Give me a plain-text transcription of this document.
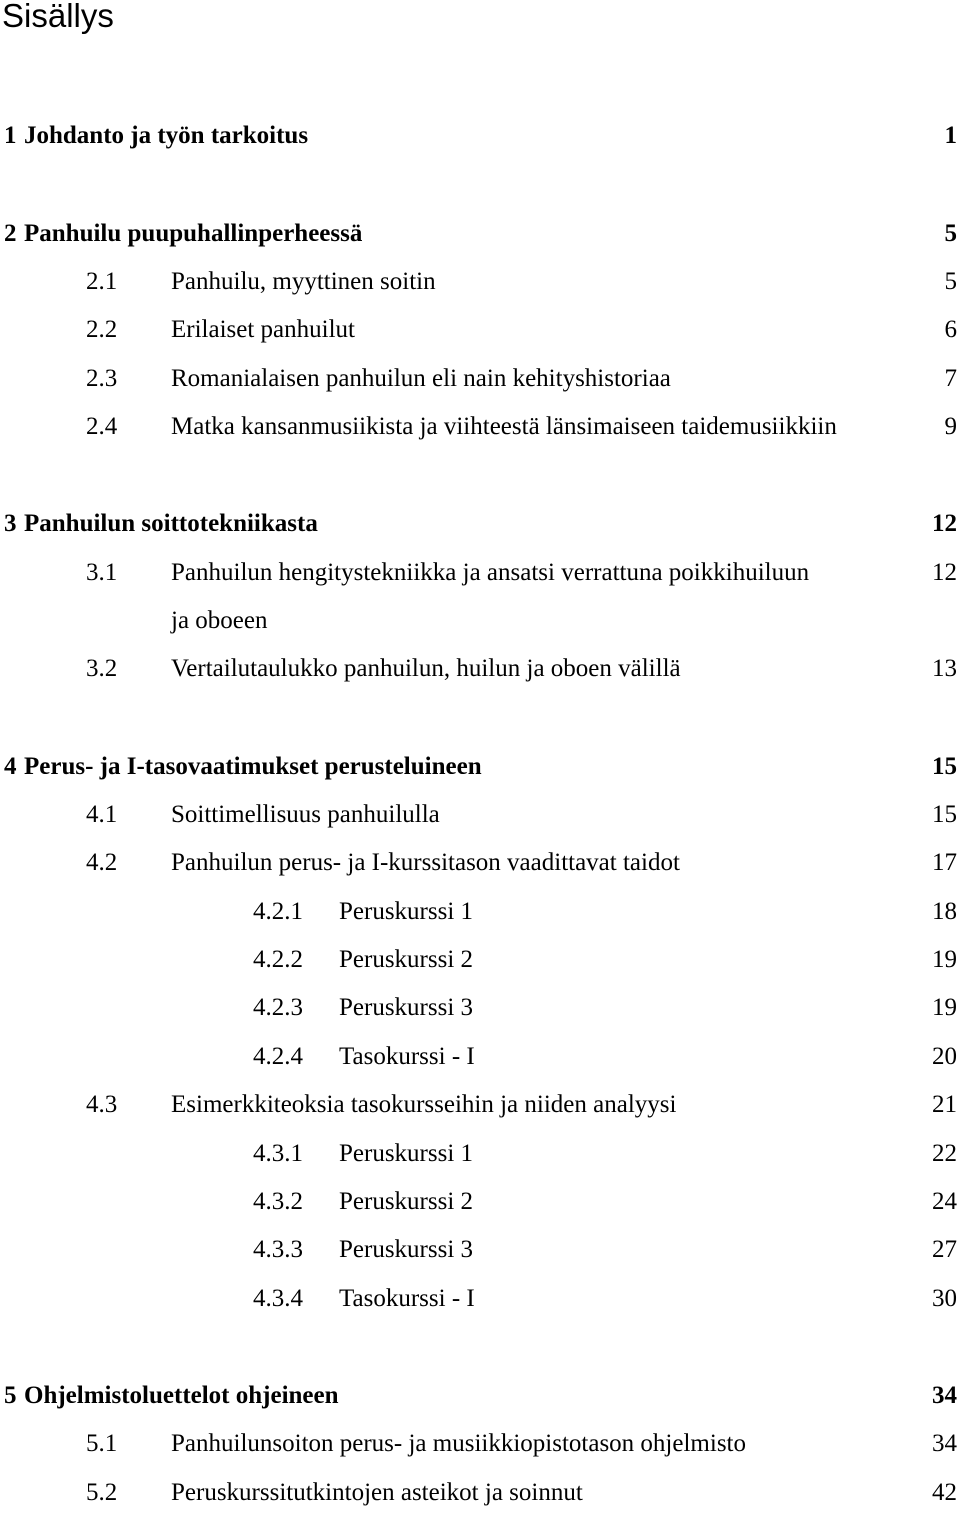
Sisällys
1 Johdanto ja työn tarkoitus	1
2 Panhuilu puupuhallinperheessä	5
2.1 Panhuilu, myyttinen soitin	5
2.2 Erilaiset panhuilut	6
2.3 Romanialaisen panhuilun eli nain kehityshistoriaa	7
2.4 Matka kansanmusiikista ja viihteestä länsimaiseen taidemusiikkiin	9
3 Panhuilun soittotekniikasta	12
3.1 Panhuilun hengitystekniikka ja ansatsi verrattuna poikkihuiluun	12
ja oboeen
3.2 Vertailutaulukko panhuilun, huilun ja oboen välillä	13
4 Perus- ja I-tasovaatimukset perusteluineen	15
4.1 Soittimellisuus panhuilulla	15
4.2 Panhuilun perus- ja I-kurssitason vaadittavat taidot	17
4.2.1 Peruskurssi 1	18
4.2.2 Peruskurssi 2	19
4.2.3 Peruskurssi 3	19
4.2.4 Tasokurssi - I	20
4.3 Esimerkkiteoksia tasokursseihin ja niiden analyysi	21
4.3.1 Peruskurssi 1	22
4.3.2 Peruskurssi 2	24
4.3.3 Peruskurssi 3	27
4.3.4 Tasokurssi - I	30
5 Ohjelmistoluettelot ohjeineen	34
5.1 Panhuilunsoiton perus- ja musiikkiopistotason ohjelmisto	34
5.2 Peruskurssitutkintojen asteikot ja soinnut	42
